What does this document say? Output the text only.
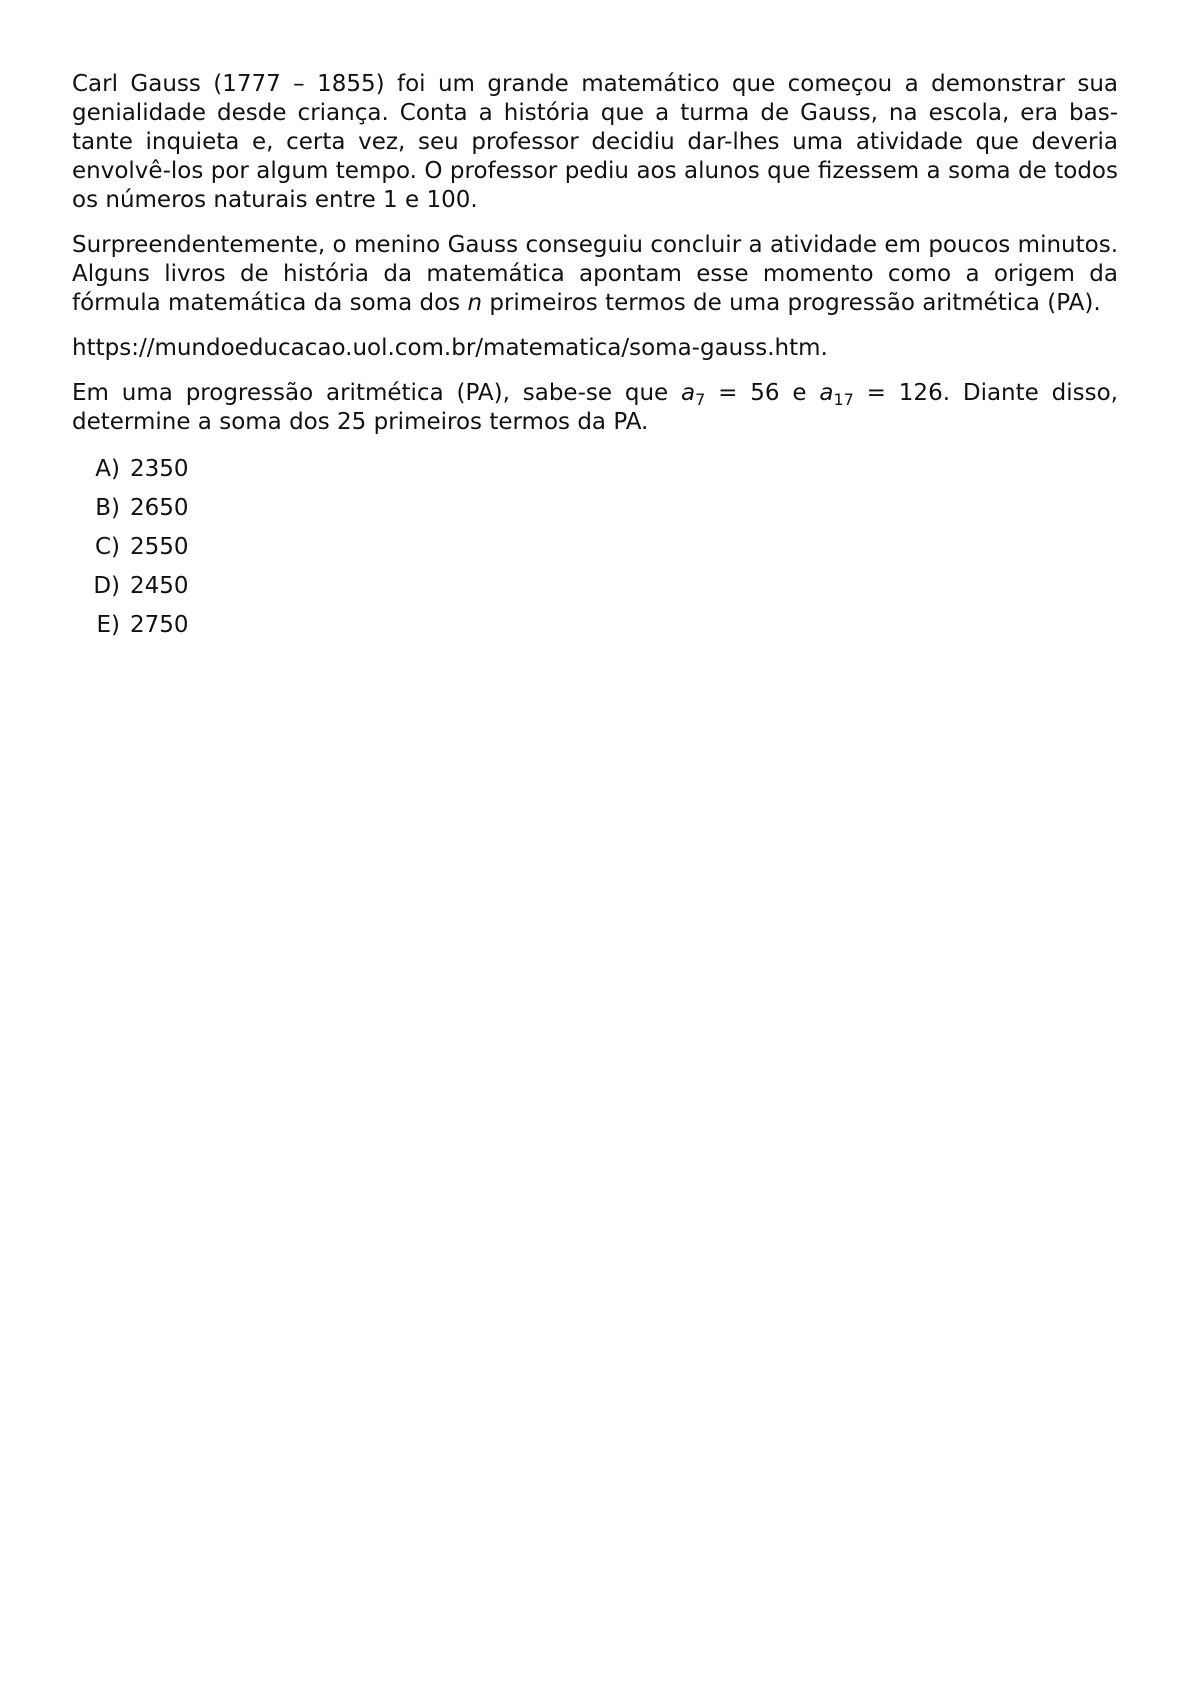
Carl Gauss (1777 – 1855) foi um grande matemático que começou a demonstrar sua genialidade desde criança. Conta a história que a turma de Gauss, na escola, era bastante inquieta e, certa vez, seu professor decidiu dar-lhes uma atividade que deveria envolvê-los por algum tempo. O professor pediu aos alunos que fizessem a soma de todos os números naturais entre 1 e 100.

Surpreendentemente, o menino Gauss conseguiu concluir a atividade em poucos minutos. Alguns livros de história da matemática apontam esse momento como a origem da fórmula matemática da soma dos n primeiros termos de uma progressão aritmética (PA).

https://mundoeducacao.uol.com.br/matematica/soma-gauss.htm.

Em uma progressão aritmética (PA), sabe-se que $a_7 = 56$ e $a_{17} = 126$. Diante disso, determine a soma dos 25 primeiros termos da PA.

A) 2350
B) 2650
C) 2550
D) 2450
E) 2750
